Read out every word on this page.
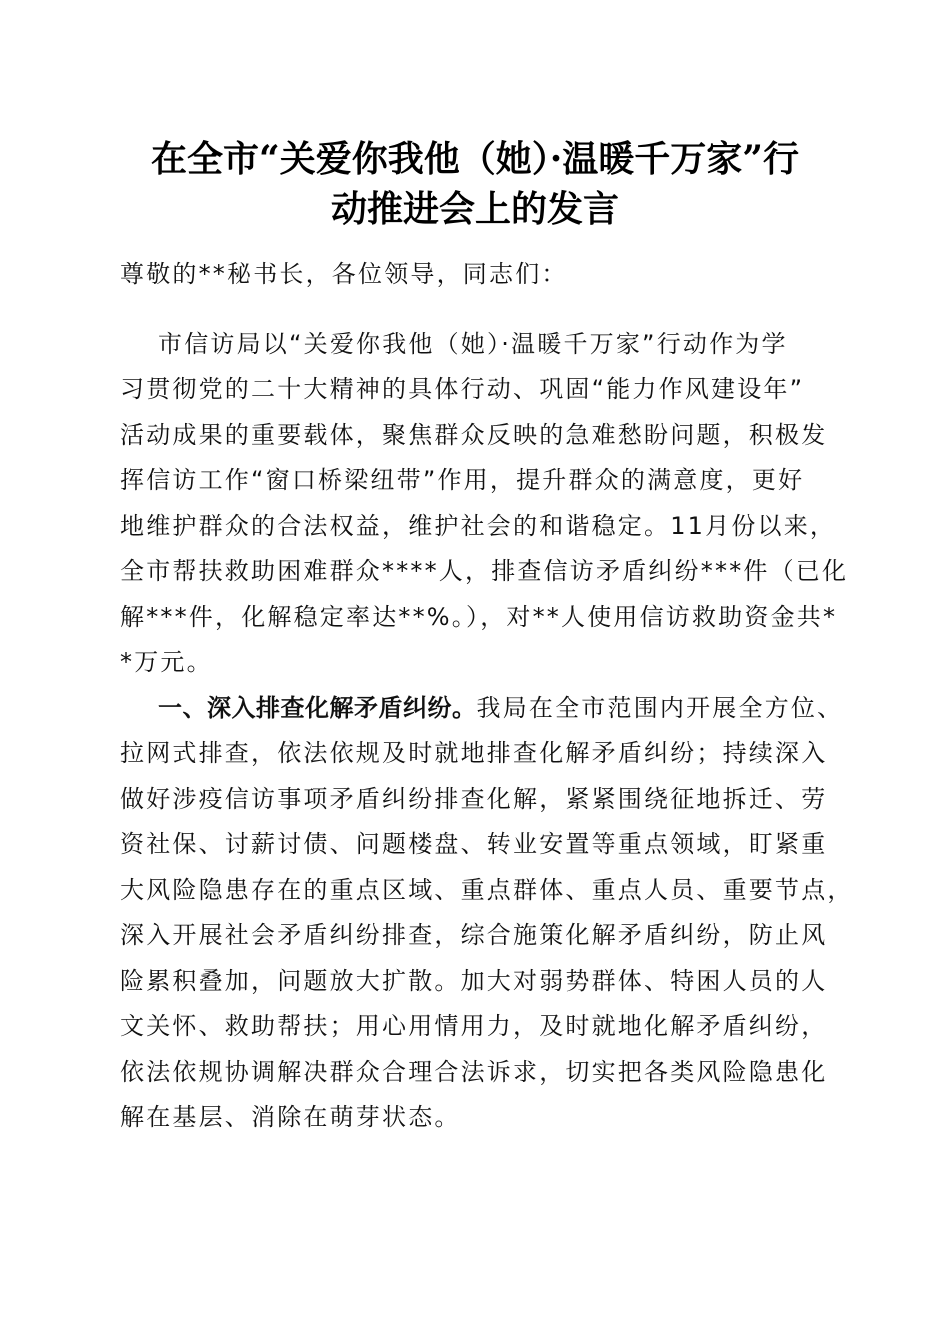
在全市“关爱你我他（她）·温暖千万家”行
动推进会上的发言
尊敬的**秘书长，各位领导，同志们：
市信访局以“关爱你我他（她）·温暖千万家”行动作为学
习贯彻党的二十大精神的具体行动、巩固“能力作风建设年”
活动成果的重要载体，聚焦群众反映的急难愁盼问题，积极发
挥信访工作“窗口桥梁纽带”作用，提升群众的满意度，更好
地维护群众的合法权益，维护社会的和谐稳定。11月份以来，
全市帮扶救助困难群众****人，排查信访矛盾纠纷***件（已化
解***件，化解稳定率达**%。），对**人使用信访救助资金共*
*万元。
一、深入排查化解矛盾纠纷。我局在全市范围内开展全方位、
拉网式排查，依法依规及时就地排查化解矛盾纠纷；持续深入
做好涉疫信访事项矛盾纠纷排查化解，紧紧围绕征地拆迁、劳
资社保、讨薪讨债、问题楼盘、转业安置等重点领域，盯紧重
大风险隐患存在的重点区域、重点群体、重点人员、重要节点，
深入开展社会矛盾纠纷排查，综合施策化解矛盾纠纷，防止风
险累积叠加，问题放大扩散。加大对弱势群体、特困人员的人
文关怀、救助帮扶；用心用情用力，及时就地化解矛盾纠纷，
依法依规协调解决群众合理合法诉求，切实把各类风险隐患化
解在基层、消除在萌芽状态。
